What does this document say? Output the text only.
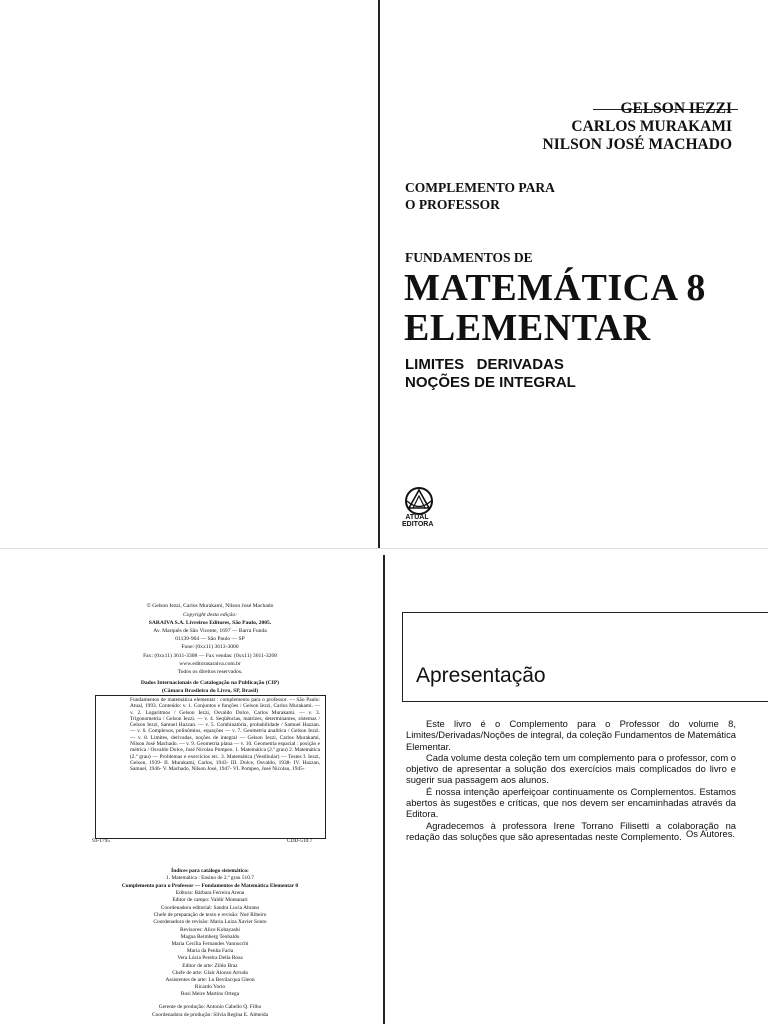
GELSON IEZZI
CARLOS MURAKAMI
NILSON JOSÉ MACHADO
COMPLEMENTO PARA
O PROFESSOR
FUNDAMENTOS DE
MATEMÁTICA 8
ELEMENTAR
LIMITES   DERIVADAS
NOÇÕES DE INTEGRAL
ATUAL
EDITORA
© Gelson Iezzi, Carlos Murakami, Nilson José Machado
Copyright desta edição:
SARAIVA S.A. Livreiros Editores, São Paulo, 2005.
Av. Marquês de São Vicente, 1697 — Barra Funda
01139-904 — São Paulo — SP
Fone: (0xx11) 3613-3000
Fax: (0xx11) 3611-3308 — Fax vendas: (0xx11) 3611-3268
www.editorasaraiva.com.br
Todos os direitos reservados.
Dados Internacionais de Catalogação na Publicação (CIP)
(Câmara Brasileira do Livro, SP, Brasil)
Fundamentos de matemática elementar : complemento para o professor. — São Paulo: Atual, 1993. Conteúdo: v. 1. Conjuntos e funções / Gelson Iezzi, Carlos Murakami. — v. 2. Logaritmos / Gelson Iezzi, Osvaldo Dolce, Carlos Murakami. — v. 3. Trigonometria / Gelson Iezzi. — v. 4. Seqüências, matrizes, determinantes, sistemas / Gelson Iezzi, Samuel Hazzan. — v. 5. Combinatória, probabilidade / Samuel Hazzan. — v. 6. Complexos, polinômios, equações — v. 7. Geometria analítica / Gelson Iezzi. — v. 8. Limites, derivadas, noções de integral — Gelson Iezzi, Carlos Murakami, Nilson José Machado. — v. 9. Geometria plana — v. 10. Geometria espacial : posição e métrica / Osvaldo Dolce, José Nicolau Pompeo. 1. Matemática (2.º grau) 2. Matemática (2.º grau) — Problemas e exercícios etc. 3. Matemática (Vestibular) — Testes I. Iezzi, Gelson, 1939- II. Murakami, Carlos, 1943- III. Dolce, Osvaldo, 1938- IV. Hazzan, Samuel, 1946- V. Machado, Nilson José, 1947- VI. Pompeo, José Nicolau, 1945-
93-1795	CDD-510.7
Índices para catálogo sistemático:
1. Matemática : Ensino de 2.º grau 510.7
Complemento para o Professor — Fundamentos de Matemática Elementar 8
Editora: Bárbara Ferreira Arena
Editor de campo: Valdir Montanari
Coordenadora editorial: Sandra Lucia Abrano
Chefe de preparação de texto e revisão: Noé Ribeiro
Coordenadora de revisão: Maria Luiza Xavier Souto
Revisores: Alice Kobayashi
Magna Reimberg Teobaldo
Maria Cecília Fernandes Vannucchi
Maria da Penha Faria
Vera Lúcia Pereira Della Rosa
Editor de arte: Zildo Braz
Chefe de arte: Glair Alonso Arruda
Assistentes de arte: Lu Bevilacqua Gleon
Ricardo Yorio
Rosi Meire Martins Ortega
Gerente de produção: Antonio Cabello Q. Filho
Coordenadora de produção: Silvia Regina E. Almeida
Apresentação

Este livro é o Complemento para o Professor do volume 8, Limites/Derivadas/Noções de integral, da coleção Fundamentos de Matemática Elementar.

Cada volume desta coleção tem um complemento para o professor, com o objetivo de apresentar a solução dos exercícios mais complicados do livro e sugerir sua passagem aos alunos.

É nossa intenção aperfeiçoar continuamente os Complementos. Estamos abertos às sugestões e críticas, que nos devem ser encaminhadas através da Editora.

Agradecemos à professora Irene Torrano Filisetti a colaboração na redação das soluções que são apresentadas neste Complemento. Os Autores.
